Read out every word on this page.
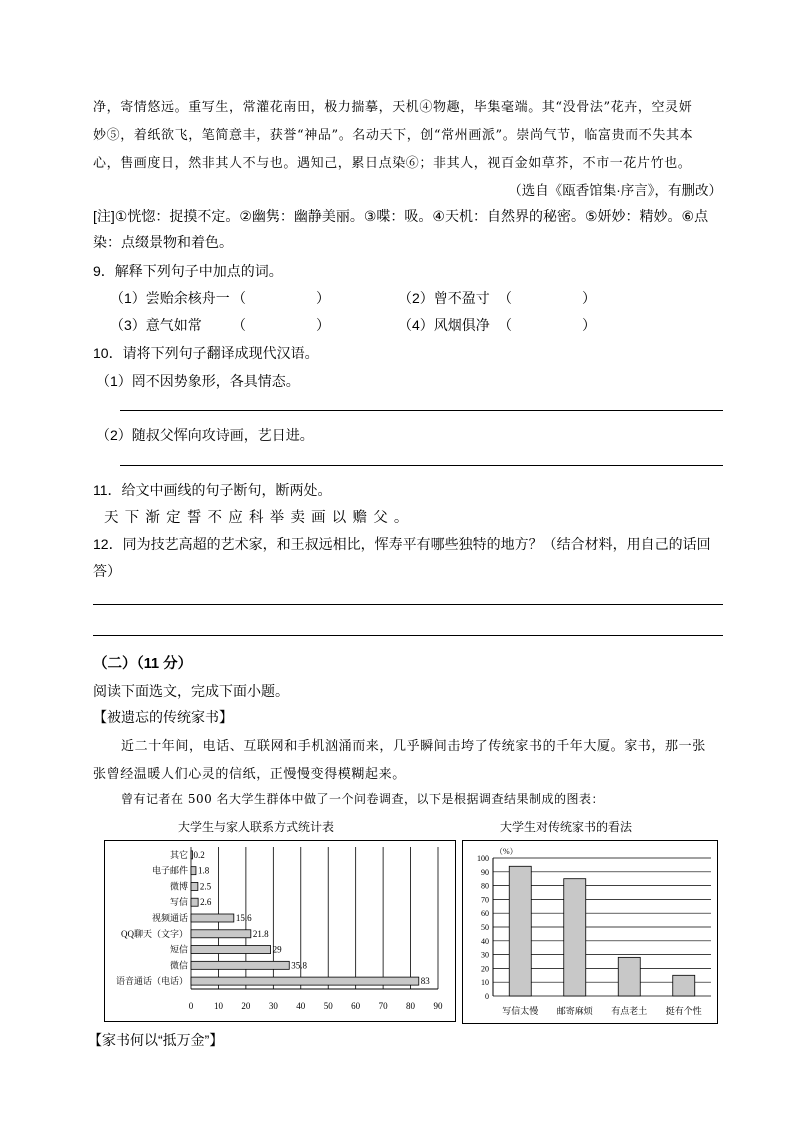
净，寄情悠远。重写生，常灌花南田，极力揣摹，天机④物趣，毕集毫端。其“没骨法”花卉，空灵妍
妙⑤，着纸欲飞，笔简意丰，获誉“神品”。名动天下，创“常州画派”。崇尚气节，临富贵而不失其本
心，售画度日，然非其人不与也。遇知己，累日点染⑥；非其人，视百金如草芥，不市一花片竹也。
（选自《瓯香馆集·序言》，有删改）
[注]①恍惚：捉摸不定。②幽隽：幽静美丽。③喋：吸。④天机：自然界的秘密。⑤妍妙：精妙。⑥点
染：点缀景物和着色。
9．解释下列句子中加点的词。
（1）尝贻余核舟一 （　　　　　）	（2）曾不盈寸 （　　　　　）
（3）意气如常 （　　　　　）	（4）风烟俱净 （　　　　　）
10．请将下列句子翻译成现代汉语。
（1）罔不因势象形，各具情态。
（2）随叔父恽向攻诗画，艺日进。
11．给文中画线的句子断句，断两处。
天 下 渐 定 誓 不 应 科 举 卖 画 以 赡 父 。
12．同为技艺高超的艺术家，和王叔远相比，恽寿平有哪些独特的地方？（结合材料，用自己的话回
答）
（二）（11 分）
阅读下面选文，完成下面小题。
【被遗忘的传统家书】
近二十年间，电话、互联网和手机汹涌而来，几乎瞬间击垮了传统家书的千年大厦。家书，那一张
张曾经温暖人们心灵的信纸，正慢慢变得模糊起来。
曾有记者在 500 名大学生群体中做了一个问卷调查，以下是根据调查结果制成的图表：
大学生与家人联系方式统计表	大学生对传统家书的看法
0 10 20 30 40 50 60 70 80 90
其它 0.2
电子邮件 1.8
微博 2.5
写信 2.6
视频通话	15.6
QQ聊天（文字）	21.8
短信	29
微信	35.8
语音通话（电话）	83
0
10
20
30
40
50
60
70
80
90
100
（%）
写信太慢 邮寄麻烦 有点老土 挺有个性
【家书何以“抵万金”】
